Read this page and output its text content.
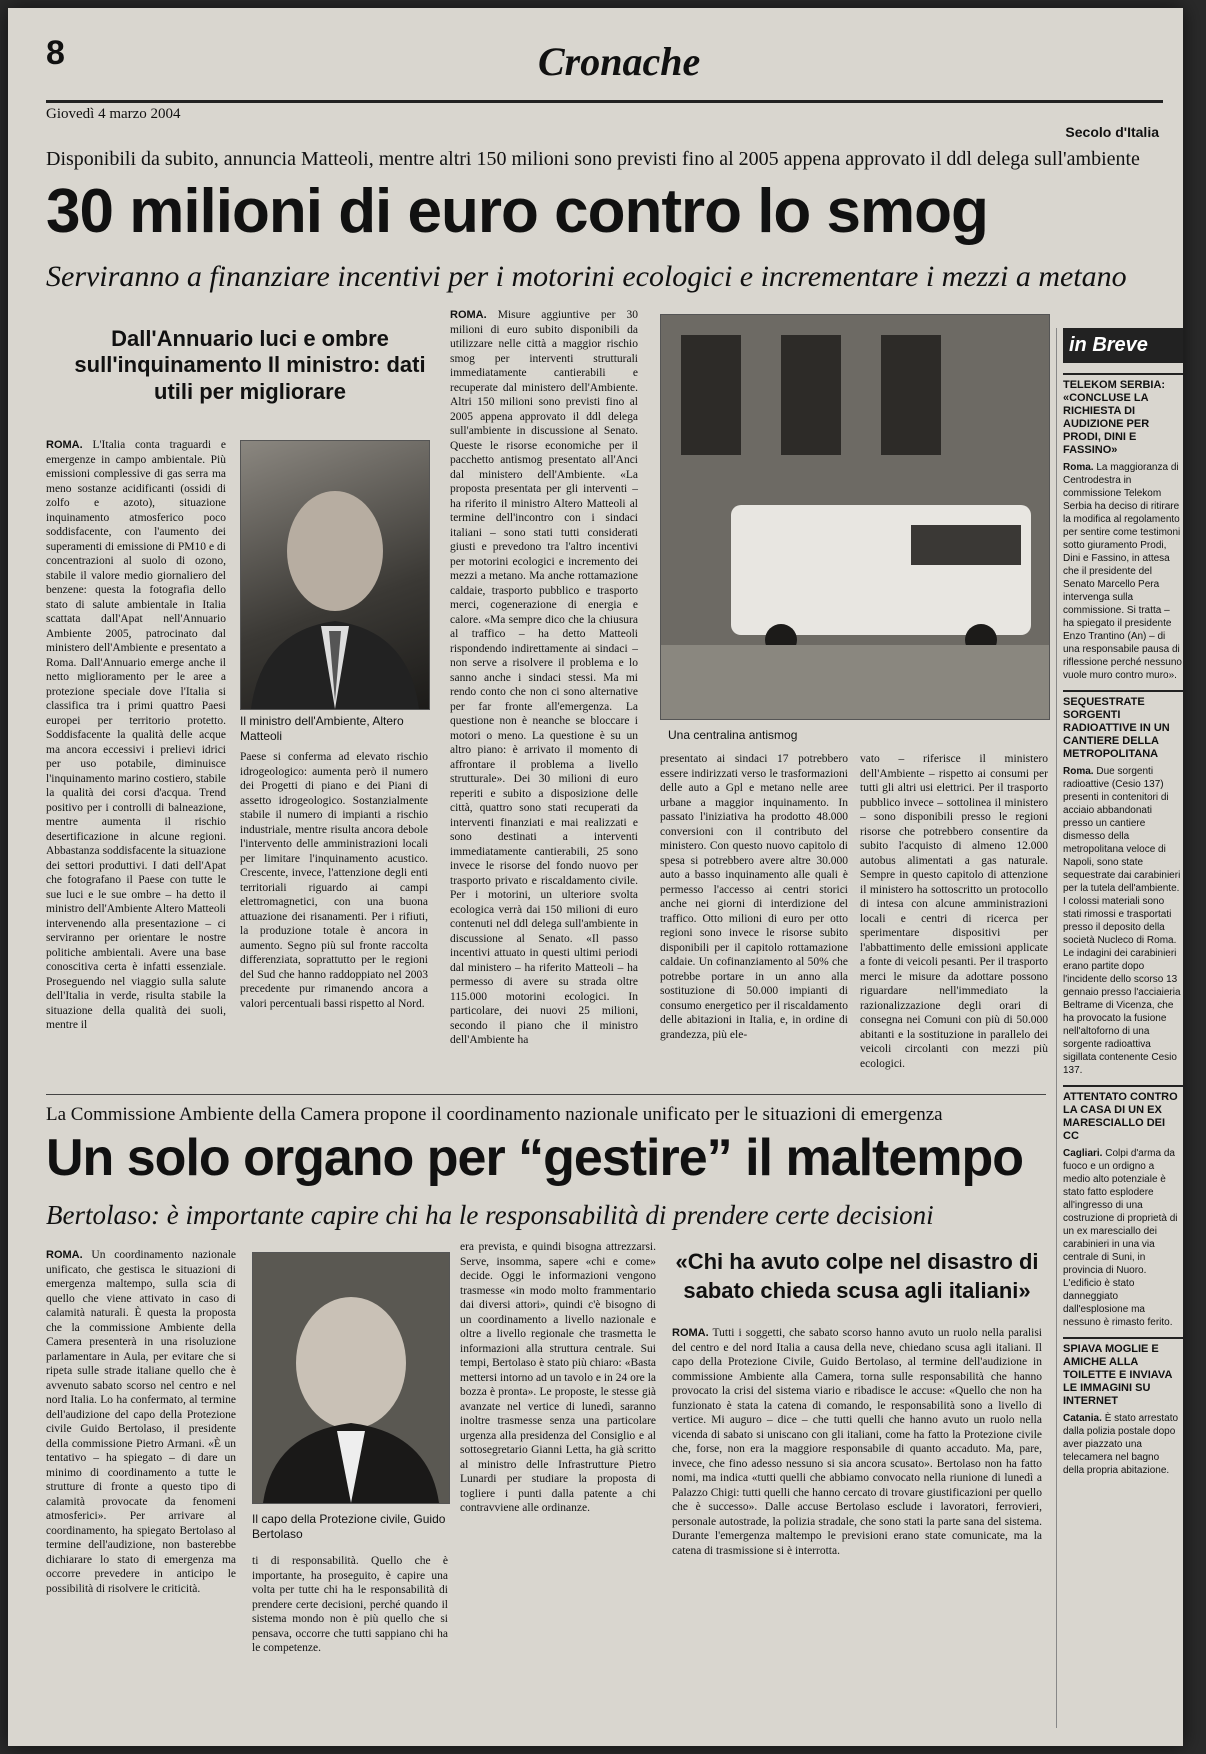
8	Cronache
Giovedì 4 marzo 2004
Secolo d'Italia
Disponibili da subito, annuncia Matteoli, mentre altri 150 milioni sono previsti fino al 2005 appena approvato il ddl delega sull'ambiente
30 milioni di euro contro lo smog
Serviranno a finanziare incentivi per i motorini ecologici e incrementare i mezzi a metano
Dall'Annuario luci e ombre sull'inquinamento Il ministro: dati utili per migliorare
ROMA. L'Italia conta traguardi e emergenze in campo ambientale. Più emissioni complessive di gas serra ma meno sostanze acidificanti (ossidi di zolfo e azoto), situazione inquinamento atmosferico poco soddisfacente, con l'aumento dei superamenti di emissione di PM10 e di concentrazioni al suolo di ozono, stabile il valore medio giornaliero del benzene: questa la fotografia dello stato di salute ambientale in Italia scattata dall'Apat nell'Annuario Ambiente 2005, patrocinato dal ministero dell'Ambiente e presentato a Roma. Dall'Annuario emerge anche il netto miglioramento per le aree a protezione speciale dove l'Italia si classifica tra i primi quattro Paesi europei per territorio protetto. Soddisfacente la qualità delle acque ma ancora eccessivi i prelievi idrici per uso potabile, diminuisce l'inquinamento marino costiero, stabile la qualità dei corsi d'acqua. Trend positivo per i controlli di balneazione, mentre aumenta il rischio desertificazione in alcune regioni. Abbastanza soddisfacente la situazione dei settori produttivi. I dati dell'Apat che fotografano il Paese con tutte le sue luci e le sue ombre – ha detto il ministro dell'Ambiente Altero Matteoli intervenendo alla presentazione – ci serviranno per orientare le nostre politiche ambientali. Avere una base conoscitiva certa è infatti essenziale. Proseguendo nel viaggio sulla salute dell'Italia in verde, risulta stabile la situazione della qualità dei suoli, mentre il
Il ministro dell'Ambiente, Altero Matteoli
Paese si conferma ad elevato rischio idrogeologico: aumenta però il numero dei Progetti di piano e dei Piani di assetto idrogeologico. Sostanzialmente stabile il numero di impianti a rischio industriale, mentre risulta ancora debole l'intervento delle amministrazioni locali per limitare l'inquinamento acustico. Crescente, invece, l'attenzione degli enti territoriali riguardo ai campi elettromagnetici, con una buona attuazione dei risanamenti. Per i rifiuti, la produzione totale è ancora in aumento. Segno più sul fronte raccolta differenziata, soprattutto per le regioni del Sud che hanno raddoppiato nel 2003 precedente pur rimanendo ancora a valori percentuali bassi rispetto al Nord.
ROMA. Misure aggiuntive per 30 milioni di euro subito disponibili da utilizzare nelle città a maggior rischio smog per interventi strutturali immediatamente cantierabili e recuperate dal ministero dell'Ambiente. Altri 150 milioni sono previsti fino al 2005 appena approvato il ddl delega sull'ambiente in discussione al Senato. Queste le risorse economiche per il pacchetto antismog presentato all'Anci dal ministero dell'Ambiente. «La proposta presentata per gli interventi – ha riferito il ministro Altero Matteoli al termine dell'incontro con i sindaci italiani – sono stati tutti considerati giusti e prevedono tra l'altro incentivi per motorini ecologici e incremento dei mezzi a metano. Ma anche rottamazione caldaie, trasporto pubblico e trasporto merci, cogenerazione di energia e calore. «Ma sempre dico che la chiusura al traffico – ha detto Matteoli rispondendo indirettamente ai sindaci – non serve a risolvere il problema e lo sanno anche i sindaci stessi. Ma mi rendo conto che non ci sono alternative per far fronte all'emergenza. La questione non è neanche se bloccare i motori o meno. La questione è su un altro piano: è arrivato il momento di affrontare il problema a livello strutturale». Dei 30 milioni di euro reperiti e subito a disposizione delle città, quattro sono stati recuperati da interventi finanziati e mai realizzati e sono destinati a interventi immediatamente cantierabili, 25 sono invece le risorse del fondo nuovo per trasporto privato e riscaldamento civile. Per i motorini, un ulteriore svolta ecologica verrà dai 150 milioni di euro contenuti nel ddl delega sull'ambiente in discussione al Senato. «Il passo incentivi attuato in questi ultimi periodi dal ministero – ha riferito Matteoli – ha permesso di avere su strada oltre 115.000 motorini ecologici. In particolare, dei nuovi 25 milioni, secondo il piano che il ministro dell'Ambiente ha
Una centralina antismog
presentato ai sindaci 17 potrebbero essere indirizzati verso le trasformazioni delle auto a Gpl e metano nelle aree urbane a maggior inquinamento. In passato l'iniziativa ha prodotto 48.000 conversioni con il contributo del ministero. Con questo nuovo capitolo di spesa si potrebbero avere altre 30.000 auto a basso inquinamento alle quali è permesso l'accesso ai centri storici anche nei giorni di interdizione del traffico. Otto milioni di euro per otto regioni sono invece le risorse subito disponibili per il capitolo rottamazione caldaie. Un cofinanziamento al 50% che potrebbe portare in un anno alla sostituzione di 50.000 impianti di consumo energetico per il riscaldamento delle abitazioni in Italia, e, in ordine di grandezza, più ele-
vato – riferisce il ministero dell'Ambiente – rispetto ai consumi per tutti gli altri usi elettrici. Per il trasporto pubblico invece – sottolinea il ministero – sono disponibili presso le regioni risorse che potrebbero consentire da subito l'acquisto di almeno 12.000 autobus alimentati a gas naturale. Sempre in questo capitolo di attenzione il ministero ha sottoscritto un protocollo di intesa con alcune amministrazioni locali e centri di ricerca per sperimentare dispositivi per l'abbattimento delle emissioni applicate a fonte di veicoli pesanti. Per il trasporto merci le misure da adottare possono riguardare nell'immediato la razionalizzazione degli orari di consegna nei Comuni con più di 50.000 abitanti e la sostituzione in parallelo dei veicoli circolanti con mezzi più ecologici.
La Commissione Ambiente della Camera propone il coordinamento nazionale unificato per le situazioni di emergenza
Un solo organo per “gestire” il maltempo
Bertolaso: è importante capire chi ha le responsabilità di prendere certe decisioni
ROMA. Un coordinamento nazionale unificato, che gestisca le situazioni di emergenza maltempo, sulla scia di quello che viene attivato in caso di calamità naturali. È questa la proposta che la commissione Ambiente della Camera presenterà in una risoluzione parlamentare in Aula, per evitare che si ripeta sulle strade italiane quello che è avvenuto sabato scorso nel centro e nel nord Italia. Lo ha confermato, al termine dell'audizione del capo della Protezione civile Guido Bertolaso, il presidente della commissione Pietro Armani. «È un tentativo – ha spiegato – di dare un minimo di coordinamento a tutte le strutture di fronte a questo tipo di calamità provocate da fenomeni atmosferici». Per arrivare al coordinamento, ha spiegato Bertolaso al termine dell'audizione, non basterebbe dichiarare lo stato di emergenza ma occorre prevedere in anticipo le possibilità di risolvere le criticità.
Il capo della Protezione civile, Guido Bertolaso
ti di responsabilità. Quello che è importante, ha proseguito, è capire una volta per tutte chi ha le responsabilità di prendere certe decisioni, perché quando il sistema mondo non è più quello che si pensava, occorre che tutti sappiano chi ha le competenze.
era prevista, e quindi bisogna attrezzarsi. Serve, insomma, sapere «chi e come» decide. Oggi le informazioni vengono trasmesse «in modo molto frammentario dai diversi attori», quindi c'è bisogno di un coordinamento a livello nazionale e oltre a livello regionale che trasmetta le informazioni alla struttura centrale. Sui tempi, Bertolaso è stato più chiaro: «Basta mettersi intorno ad un tavolo e in 24 ore la bozza è pronta». Le proposte, le stesse già avanzate nel vertice di lunedì, saranno inoltre trasmesse senza una particolare urgenza alla presidenza del Consiglio e al sottosegretario Gianni Letta, ha già scritto al ministro delle Infrastrutture Pietro Lunardi per studiare la proposta di togliere i punti dalla patente a chi contravviene alle ordinanze.
«Chi ha avuto colpe nel disastro di sabato chieda scusa agli italiani»
ROMA. Tutti i soggetti, che sabato scorso hanno avuto un ruolo nella paralisi del centro e del nord Italia a causa della neve, chiedano scusa agli italiani. Il capo della Protezione Civile, Guido Bertolaso, al termine dell'audizione in commissione Ambiente alla Camera, torna sulle responsabilità che hanno provocato la crisi del sistema viario e ribadisce le accuse: «Quello che non ha funzionato è stata la catena di comando, le responsabilità sono a livello di vertice. Mi auguro – dice – che tutti quelli che hanno avuto un ruolo nella vicenda di sabato si uniscano con gli italiani, come ha fatto la Protezione civile che, forse, non era la maggiore responsabile di quanto accaduto. Ma, pare, invece, che fino adesso nessuno si sia ancora scusato». Bertolaso non ha fatto nomi, ma indica «tutti quelli che abbiamo convocato nella riunione di lunedì a Palazzo Chigi: tutti quelli che hanno cercato di trovare giustificazioni per quello che è successo». Dalle accuse Bertolaso esclude i lavoratori, ferrovieri, personale autostrade, la polizia stradale, che sono stati la parte sana del sistema. Durante l'emergenza maltempo le previsioni erano state comunicate, ma la catena di trasmissione si è interrotta.
in Breve
TELEKOM SERBIA: «CONCLUSE LA RICHIESTA DI AUDIZIONE PER PRODI, DINI E FASSINO»
Roma. La maggioranza di Centrodestra in commissione Telekom Serbia ha deciso di ritirare la modifica al regolamento per sentire come testimoni sotto giuramento Prodi, Dini e Fassino, in attesa che il presidente del Senato Marcello Pera intervenga sulla commissione. Si tratta – ha spiegato il presidente Enzo Trantino (An) – di una responsabile pausa di riflessione perché nessuno vuole muro contro muro».
SEQUESTRATE SORGENTI RADIOATTIVE IN UN CANTIERE DELLA METROPOLITANA
Roma. Due sorgenti radioattive (Cesio 137) presenti in contenitori di acciaio abbandonati presso un cantiere dismesso della metropolitana veloce di Napoli, sono state sequestrate dai carabinieri per la tutela dell'ambiente. I colossi materiali sono stati rimossi e trasportati presso il deposito della società Nucleco di Roma. Le indagini dei carabinieri erano partite dopo l'incidente dello scorso 13 gennaio presso l'acciaieria Beltrame di Vicenza, che ha provocato la fusione nell'altoforno di una sorgente radioattiva sigillata contenente Cesio 137.
ATTENTATO CONTRO LA CASA DI UN EX MARESCIALLO DEI CC
Cagliari. Colpi d'arma da fuoco e un ordigno a medio alto potenziale è stato fatto esplodere all'ingresso di una costruzione di proprietà di un ex maresciallo dei carabinieri in una via centrale di Suni, in provincia di Nuoro. L'edificio è stato danneggiato dall'esplosione ma nessuno è rimasto ferito.
SPIAVA MOGLIE E AMICHE ALLA TOILETTE E INVIAVA LE IMMAGINI SU INTERNET
Catania. È stato arrestato dalla polizia postale dopo aver piazzato una telecamera nel bagno della propria abitazione.
